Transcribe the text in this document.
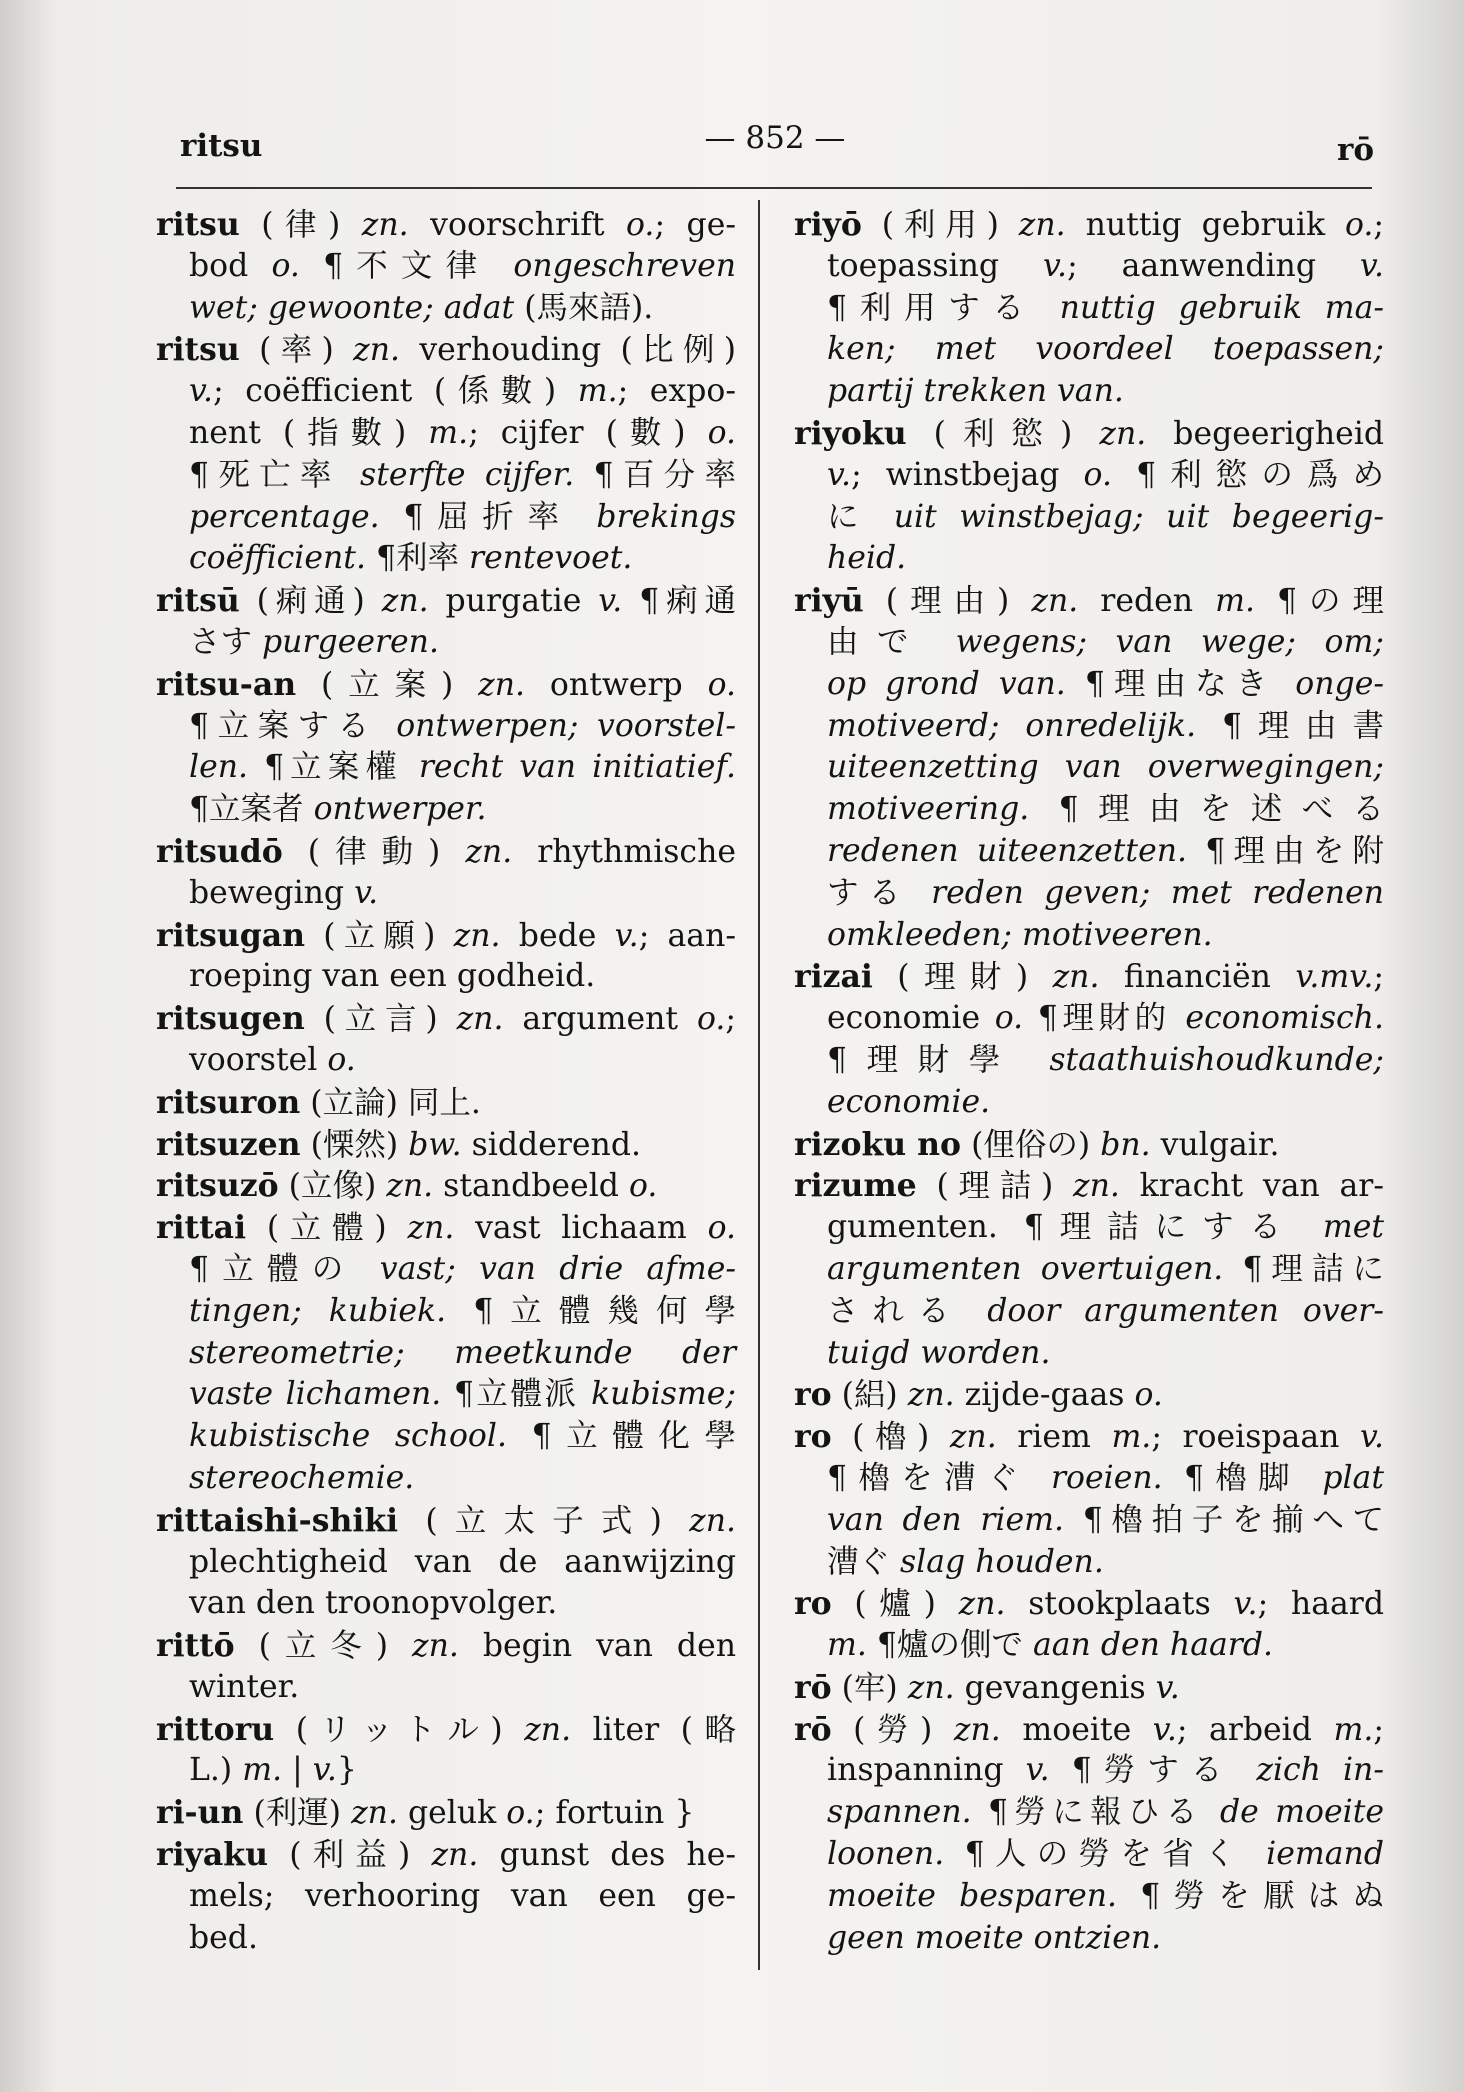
ritsu	— 852 —	rō
ritsu (律) zn. voorschrift o.; ge-
bod o. ¶不文律 ongeschreven
wet; gewoonte; adat (馬來語).
ritsu (率) zn. verhouding (比例)
v.; coëfficient (係數) m.; expo-
nent (指數) m.; cijfer (數) o.
¶死亡率 sterfte cijfer. ¶百分率
percentage. ¶屈折率 brekings
coëfficient. ¶利率 rentevoet.
ritsū (痢通) zn. purgatie v. ¶痢通
さす purgeeren.
ritsu-an (立案) zn. ontwerp o.
¶立案する ontwerpen; voorstel-
len. ¶立案權 recht van initiatief.
¶立案者 ontwerper.
ritsudō (律動) zn. rhythmische
beweging v.
ritsugan (立願) zn. bede v.; aan-
roeping van een godheid.
ritsugen (立言) zn. argument o.;
voorstel o.
ritsuron (立論) 同上.
ritsuzen (慄然) bw. sidderend.
ritsuzō (立像) zn. standbeeld o.
rittai (立體) zn. vast lichaam o.
¶立體の vast; van drie afme-
tingen; kubiek. ¶立體幾何學
stereometrie; meetkunde der
vaste lichamen. ¶立體派 kubisme;
kubistische school. ¶立體化學
stereochemie.
rittaishi-shiki (立太子式) zn.
plechtigheid van de aanwijzing
van den troonopvolger.
rittō (立冬) zn. begin van den
winter.
rittoru (リットル) zn. liter (略
L.) m. | v.}
ri-un (利運) zn. geluk o.; fortuin }
riyaku (利益) zn. gunst des he-
mels; verhooring van een ge-
bed.
riyō (利用) zn. nuttig gebruik o.;
toepassing v.; aanwending v.
¶利用する nuttig gebruik ma-
ken; met voordeel toepassen;
partij trekken van.
riyoku (利慾) zn. begeerigheid
v.; winstbejag o. ¶利慾の爲め
に uit winstbejag; uit begeerig-
heid.
riyū (理由) zn. reden m. ¶の理
由で wegens; van wege; om;
op grond van. ¶理由なき onge-
motiveerd; onredelijk. ¶理由書
uiteenzetting van overwegingen;
motiveering. ¶理由を述べる
redenen uiteenzetten. ¶理由を附
する reden geven; met redenen
omkleeden; motiveeren.
rizai (理財) zn. financiën v.mv.;
economie o. ¶理財的 economisch.
¶理財學 staathuishoudkunde;
economie.
rizoku no (俚俗の) bn. vulgair.
rizume (理詰) zn. kracht van ar-
gumenten. ¶理詰にする met
argumenten overtuigen. ¶理詰に
される door argumenten over-
tuigd worden.
ro (絽) zn. zijde-gaas o.
ro (櫓) zn. riem m.; roeispaan v.
¶櫓を漕ぐ roeien. ¶櫓脚 plat
van den riem. ¶櫓拍子を揃へて
漕ぐ slag houden.
ro (爐) zn. stookplaats v.; haard
m. ¶爐の側で aan den haard.
rō (牢) zn. gevangenis v.
rō (勞) zn. moeite v.; arbeid m.;
inspanning v. ¶勞する zich in-
spannen. ¶勞に報ひる de moeite
loonen. ¶人の勞を省く iemand
moeite besparen. ¶勞を厭はぬ
geen moeite ontzien.
